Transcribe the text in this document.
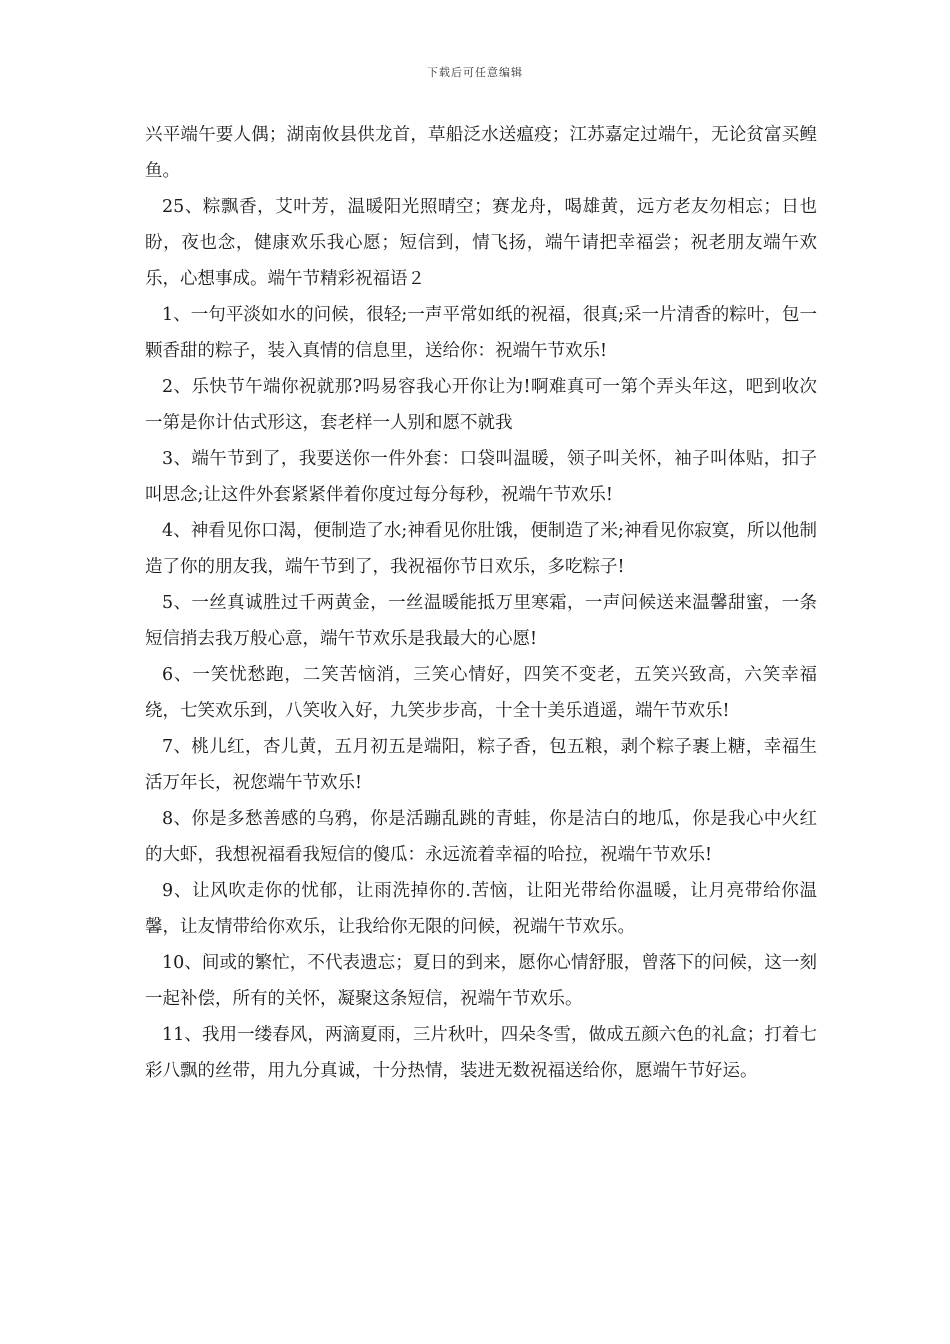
下载后可任意编辑

兴平端午要人偶；湖南攸县供龙首，草船泛水送瘟疫；江苏嘉定过端午，无论贫富买鳇鱼。

25、粽飘香，艾叶芳，温暖阳光照晴空；赛龙舟，喝雄黄，远方老友勿相忘；日也盼，夜也念，健康欢乐我心愿；短信到，情飞扬，端午请把幸福尝；祝老朋友端午欢乐，心想事成。端午节精彩祝福语２

1、一句平淡如水的问候，很轻;一声平常如纸的祝福，很真;采一片清香的粽叶，包一颗香甜的粽子，装入真情的信息里，送给你：祝端午节欢乐!

2、乐快节午端你祝就那?吗易容我心开你让为!啊难真可一第个弄头年这，吧到收次一第是你计估式形这，套老样一人别和愿不就我

3、端午节到了，我要送你一件外套：口袋叫温暖，领子叫关怀，袖子叫体贴，扣子叫思念;让这件外套紧紧伴着你度过每分每秒，祝端午节欢乐!

4、神看见你口渴，便制造了水;神看见你肚饿，便制造了米;神看见你寂寞，所以他制造了你的朋友我，端午节到了，我祝福你节日欢乐，多吃粽子!

5、一丝真诚胜过千两黄金，一丝温暖能抵万里寒霜，一声问候送来温馨甜蜜，一条短信捎去我万般心意，端午节欢乐是我最大的心愿!

6、一笑忧愁跑，二笑苦恼消，三笑心情好，四笑不变老，五笑兴致高，六笑幸福绕，七笑欢乐到，八笑收入好，九笑步步高，十全十美乐逍遥，端午节欢乐!

7、桃儿红，杏儿黄，五月初五是端阳，粽子香，包五粮，剥个粽子裹上糖，幸福生活万年长，祝您端午节欢乐!

8、你是多愁善感的乌鸦，你是活蹦乱跳的青蛙，你是洁白的地瓜，你是我心中火红的大虾，我想祝福看我短信的傻瓜：永远流着幸福的哈拉，祝端午节欢乐!

9、让风吹走你的忧郁，让雨洗掉你的.苦恼，让阳光带给你温暖，让月亮带给你温馨，让友情带给你欢乐，让我给你无限的问候，祝端午节欢乐。

10、间或的繁忙，不代表遗忘；夏日的到来，愿你心情舒服，曾落下的问候，这一刻一起补偿，所有的关怀，凝聚这条短信，祝端午节欢乐。

11、我用一缕春风，两滴夏雨，三片秋叶，四朵冬雪，做成五颜六色的礼盒；打着七彩八飘的丝带，用九分真诚，十分热情，装进无数祝福送给你，愿端午节好运。
